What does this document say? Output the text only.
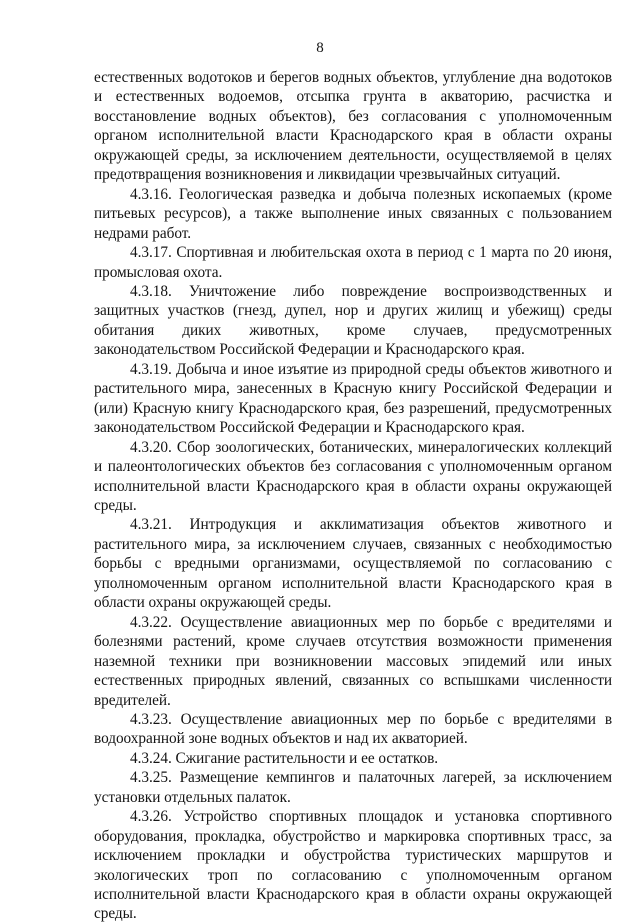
8

естественных водотоков и берегов водных объектов, углубление дна водотоков и естественных водоемов, отсыпка грунта в акваторию, расчистка и восстановление водных объектов), без согласования с уполномоченным органом исполнительной власти Краснодарского края в области охраны окружающей среды, за исключением деятельности, осуществляемой в целях предотвращения возникновения и ликвидации чрезвычайных ситуаций.

4.3.16. Геологическая разведка и добыча полезных ископаемых (кроме питьевых ресурсов), а также выполнение иных связанных с пользованием недрами работ.

4.3.17. Спортивная и любительская охота в период с 1 марта по 20 июня, промысловая охота.

4.3.18. Уничтожение либо повреждение воспроизводственных и защитных участков (гнезд, дупел, нор и других жилищ и убежищ) среды обитания диких животных, кроме случаев, предусмотренных законодательством Российской Федерации и Краснодарского края.

4.3.19. Добыча и иное изъятие из природной среды объектов животного и растительного мира, занесенных в Красную книгу Российской Федерации и (или) Красную книгу Краснодарского края, без разрешений, предусмотренных законодательством Российской Федерации и Краснодарского края.

4.3.20. Сбор зоологических, ботанических, минералогических коллекций и палеонтологических объектов без согласования с уполномоченным органом исполнительной власти Краснодарского края в области охраны окружающей среды.

4.3.21. Интродукция и акклиматизация объектов животного и растительного мира, за исключением случаев, связанных с необходимостью борьбы с вредными организмами, осуществляемой по согласованию с уполномоченным органом исполнительной власти Краснодарского края в области охраны окружающей среды.

4.3.22. Осуществление авиационных мер по борьбе с вредителями и болезнями растений, кроме случаев отсутствия возможности применения наземной техники при возникновении массовых эпидемий или иных естественных природных явлений, связанных со вспышками численности вредителей.

4.3.23. Осуществление авиационных мер по борьбе с вредителями в водоохранной зоне водных объектов и над их акваторией.

4.3.24. Сжигание растительности и ее остатков.

4.3.25. Размещение кемпингов и палаточных лагерей, за исключением установки отдельных палаток.

4.3.26. Устройство спортивных площадок и установка спортивного оборудования, прокладка, обустройство и маркировка спортивных трасс, за исключением прокладки и обустройства туристических маршрутов и экологических троп по согласованию с уполномоченным органом исполнительной власти Краснодарского края в области охраны окружающей среды.
